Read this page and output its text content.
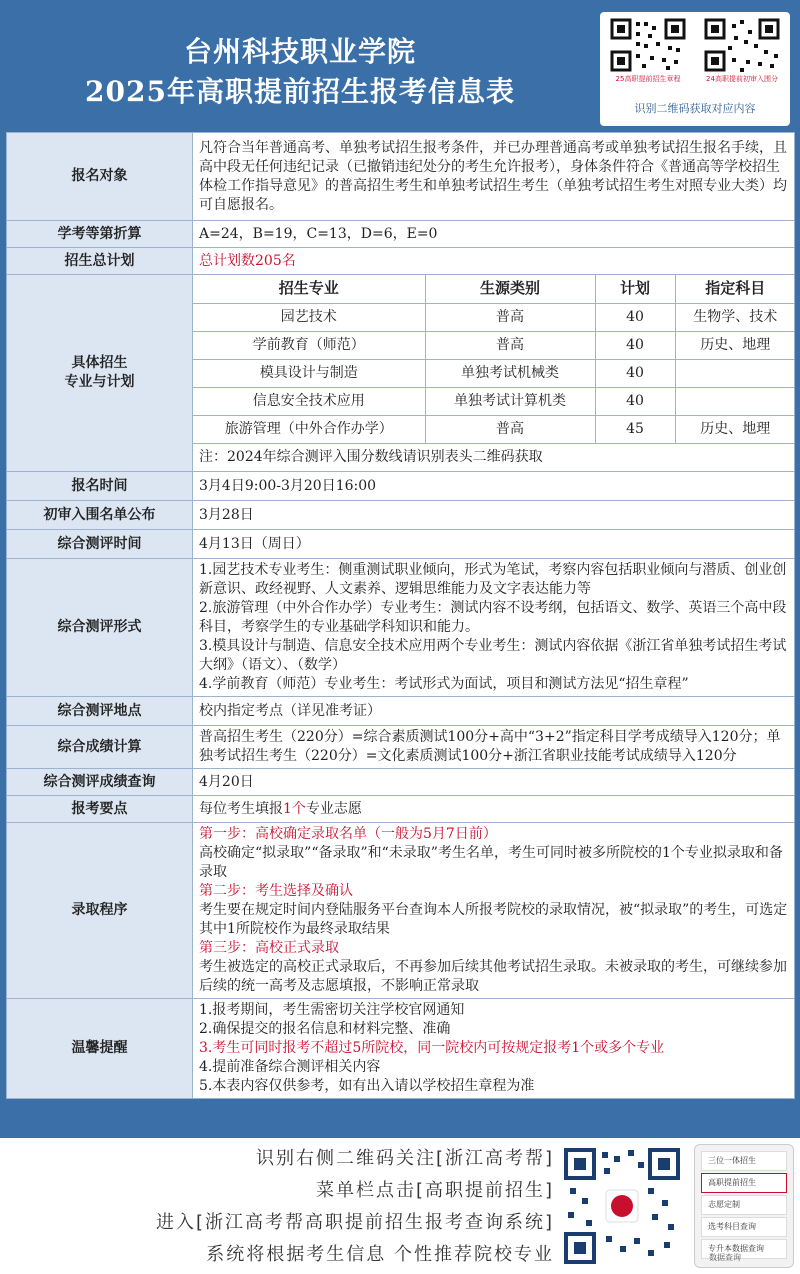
台州科技职业学院
2025年高职提前招生报考信息表	25高职提前招生章程	24高职提前初审入围分
识别二维码获取对应内容
报名对象	凡符合当年普通高考、单独考试招生报考条件，并已办理普通高考或单独考试招生报名手续，且高中段无任何违纪记录（已撤销违纪处分的考生允许报考），身体条件符合《普通高等学校招生体检工作指导意见》的普高招生考生和单独考试招生考生（单独考试招生考生对照专业大类）均可自愿报名。
学考等第折算	A=24，B=19，C=13，D=6，E=0
招生总计划	总计划数205名

具体招生
专业与计划

招生专业	生源类别	计划	指定科目
园艺技术	普高	40	生物学、技术
学前教育（师范）	普高	40	历史、地理
模具设计与制造	单独考试机械类	40	
信息安全技术应用	单独考试计算机类	40	
旅游管理（中外合作办学）	普高	45	历史、地理
注：2024年综合测评入围分数线请识别表头二维码获取

报名时间	3月4日9:00-3月20日16:00
初审入围名单公布	3月28日
综合测评时间	4月13日（周日）
综合测评形式	
1.园艺技术专业考生：侧重测试职业倾向，形式为笔试，考察内容包括职业倾向与潜质、创业创新意识、政经视野、人文素养、逻辑思维能力及文字表达能力等
2.旅游管理（中外合作办学）专业考生：测试内容不设考纲，包括语文、数学、英语三个高中段科目，考察学生的专业基础学科知识和能力。
3.模具设计与制造、信息安全技术应用两个专业考生：测试内容依据《浙江省单独考试招生考试大纲》（语文）、（数学）
4.学前教育（师范）专业考生：考试形式为面试，项目和测试方法见“招生章程”

综合测评地点	校内指定考点（详见准考证）
综合成绩计算	普高招生考生（220分）=综合素质测试100分+高中“3+2”指定科目学考成绩导入120分；单独考试招生考生（220分）=文化素质测试100分+浙江省职业技能考试成绩导入120分
综合测评成绩查询	4月20日
报考要点	每位考生填报1个专业志愿
录取程序	
第一步：高校确定录取名单（一般为5月7日前）
高校确定“拟录取”“备录取”和“未录取”考生名单，考生可同时被多所院校的1个专业拟录取和备录取
第二步：考生选择及确认
考生要在规定时间内登陆服务平台查询本人所报考院校的录取情况，被“拟录取”的考生，可选定其中1所院校作为最终录取结果
第三步：高校正式录取
考生被选定的高校正式录取后，不再参加后续其他考试招生录取。未被录取的考生，可继续参加后续的统一高考及志愿填报，不影响正常录取

温馨提醒	
1.报考期间，考生需密切关注学校官网通知
2.确保提交的报名信息和材料完整、准确
3.考生可同时报考不超过5所院校，同一院校内可按规定报考1个或多个专业
4.提前准备综合测评相关内容
5.本表内容仅供参考，如有出入请以学校招生章程为准
识别右侧二维码关注[浙江高考帮]
菜单栏点击[高职提前招生]
进入[浙江高考帮高职提前招生报考查询系统]
系统将根据考生信息 个性推荐院校专业
三位一体招生
高职提前招生
志愿定制
选考科目查询
专升本数据查询
数据查询
